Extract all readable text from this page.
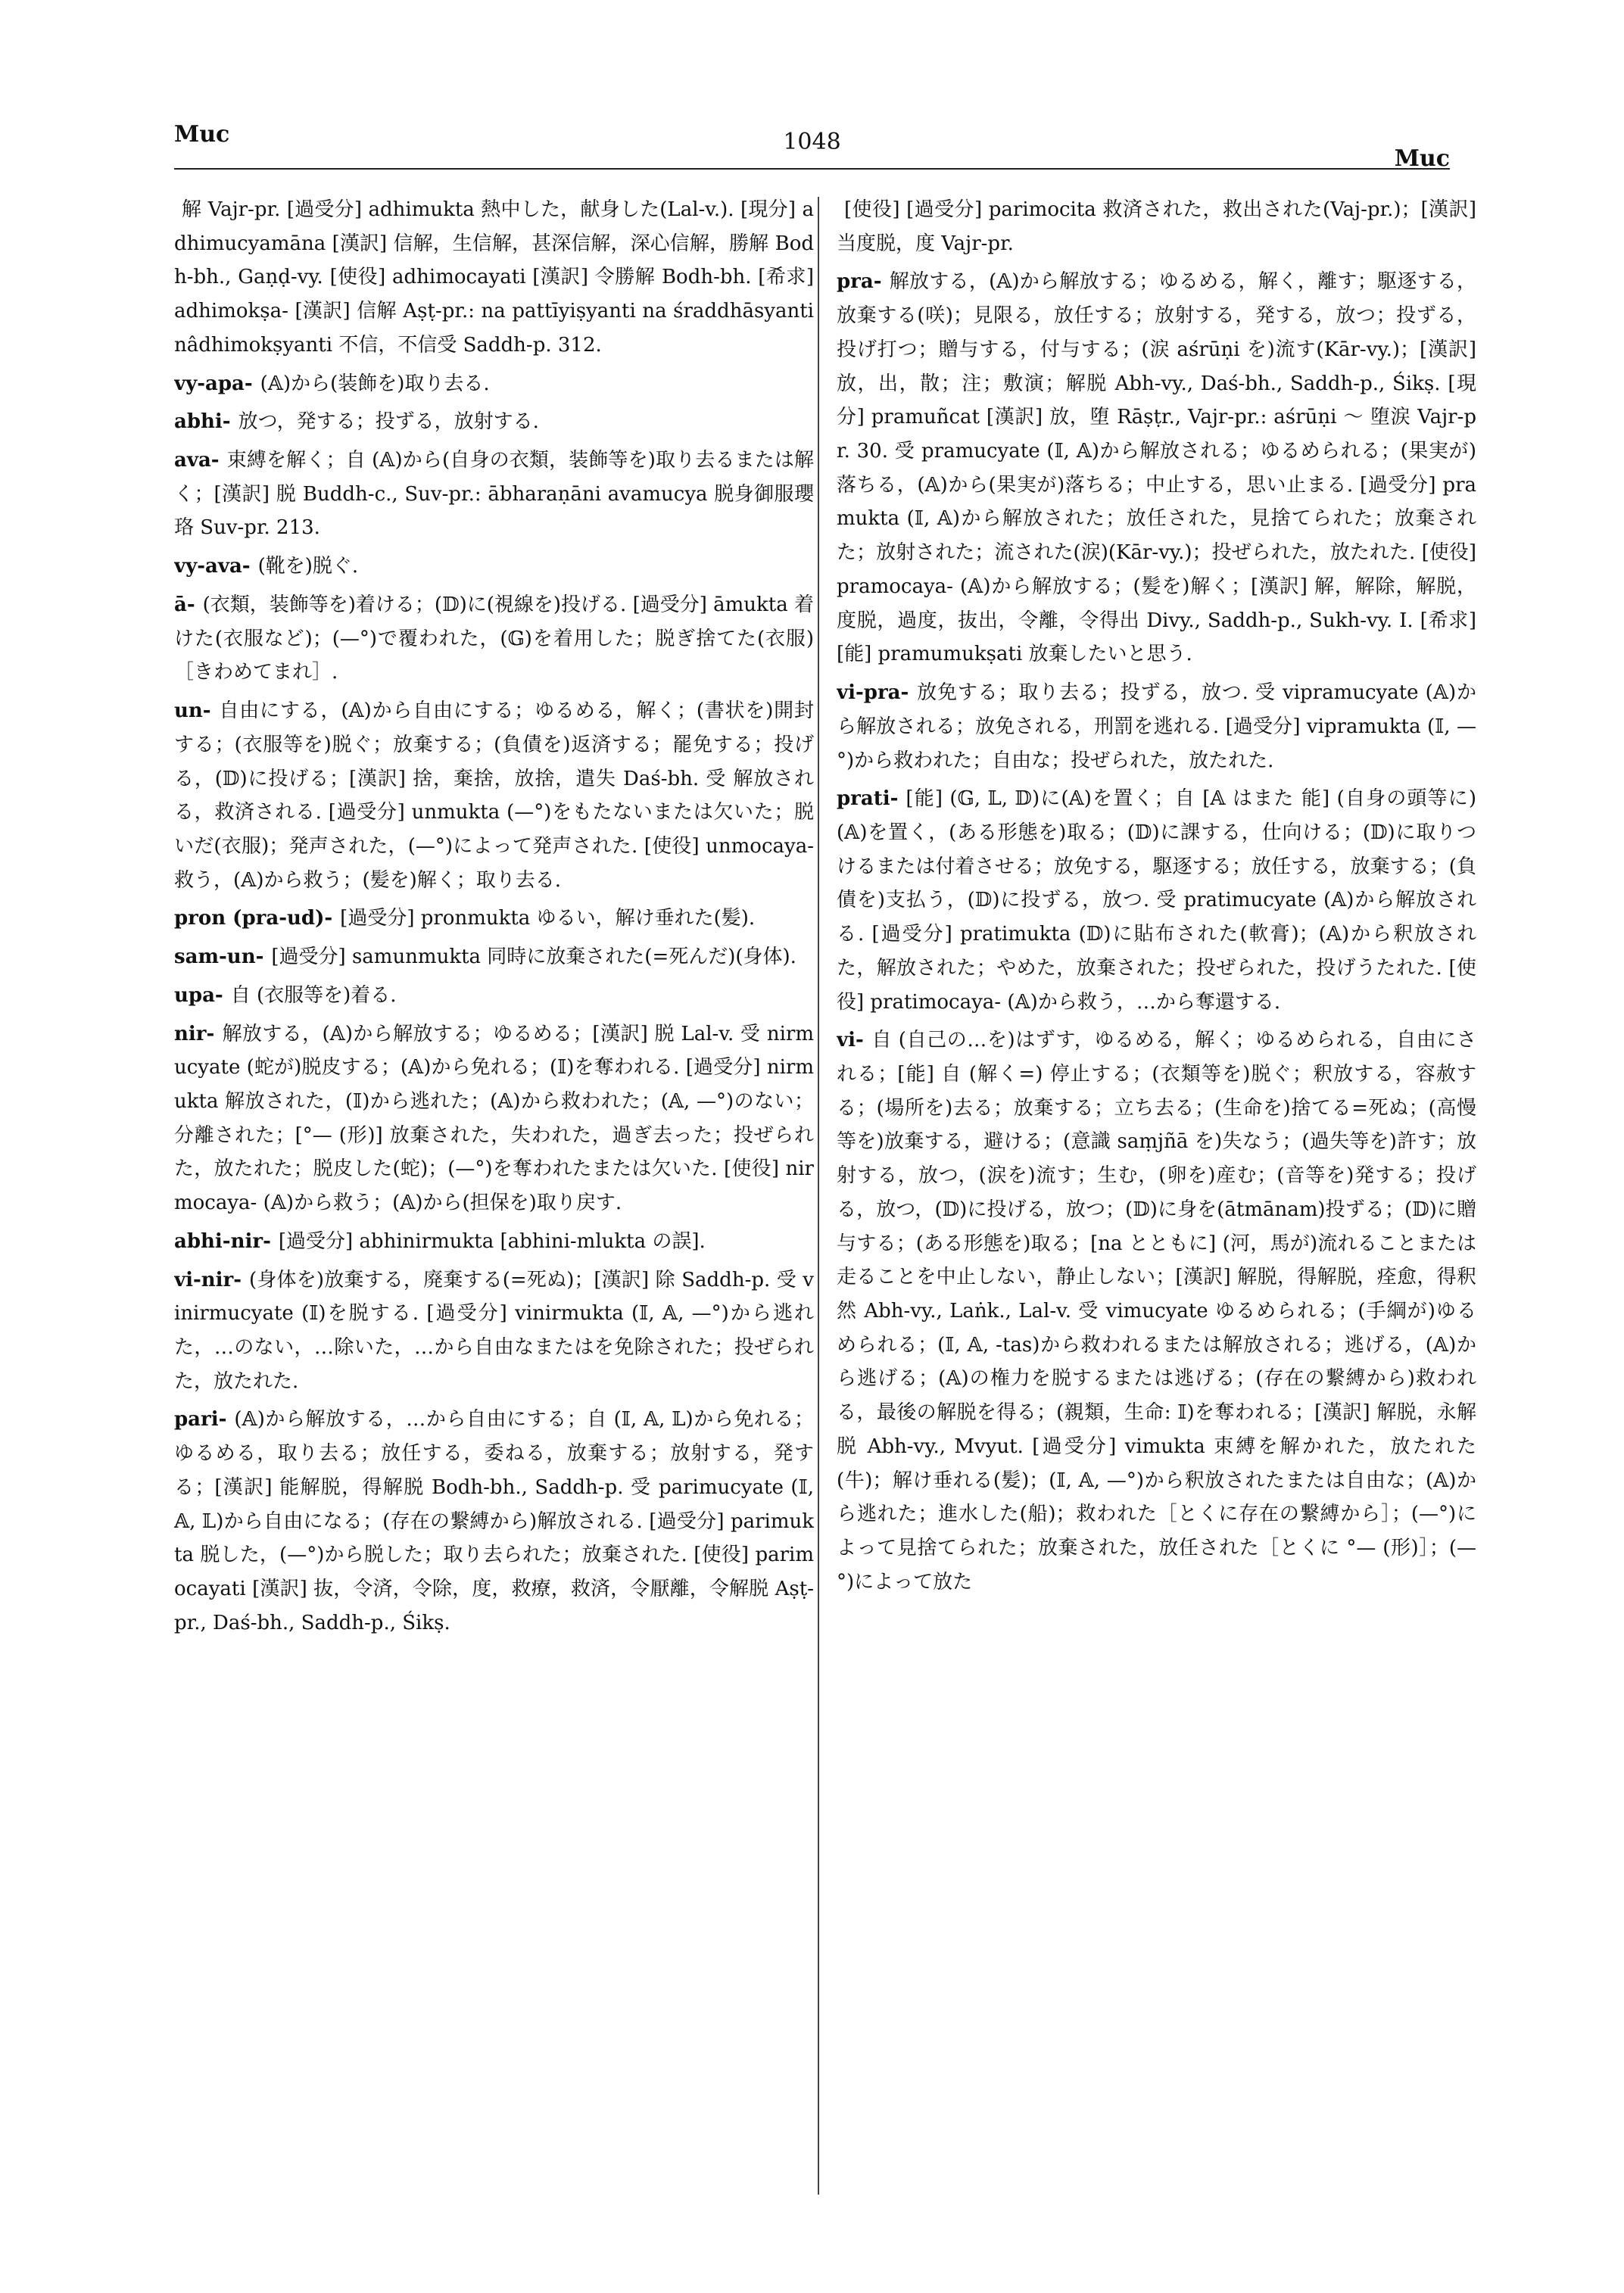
Muc	1048
Muc

解 Vajr-pr. [過受分] adhimukta 熱中した，献身した(Lal-v.). [現分] adhimucyamāna [漢訳] 信解，生信解，甚深信解，深心信解，勝解 Bodh-bh., Gaṇḍ-vy. [使役] adhimocayati [漢訳] 令勝解 Bodh-bh. [希求] adhimokṣa- [漢訳] 信解 Aṣṭ-pr.: na pattīyiṣyanti na śraddhāsyanti nâdhimokṣyanti 不信，不信受 Saddh-p. 312.

vy-apa- (𝔸)から(装飾を)取り去る.

abhi- 放つ，発する；投ずる，放射する.

ava- 束縛を解く；自 (𝔸)から(自身の衣類，装飾等を)取り去るまたは解く；[漢訳] 脱 Buddh-c., Suv-pr.: ābharaṇāni avamucya 脱身御服瓔珞 Suv-pr. 213.

vy-ava- (靴を)脱ぐ.

ā- (衣類，装飾等を)着ける；(𝔻)に(視線を)投げる. [過受分] āmukta 着けた(衣服など)；(—°)で覆われた，(𝔾)を着用した；脱ぎ捨てた(衣服)［きわめてまれ］.

un- 自由にする，(𝔸)から自由にする；ゆるめる，解く；(書状を)開封する；(衣服等を)脱ぐ；放棄する；(負債を)返済する；罷免する；投げる，(𝔻)に投げる；[漢訳] 捨，棄捨，放捨，遣失 Daś-bh. 受 解放される，救済される. [過受分] unmukta (—°)をもたないまたは欠いた；脱いだ(衣服)；発声された，(—°)によって発声された. [使役] unmocaya- 救う，(𝔸)から救う；(髪を)解く；取り去る.

pron (pra-ud)- [過受分] pronmukta ゆるい，解け垂れた(髪).

sam-un- [過受分] samunmukta 同時に放棄された(=死んだ)(身体).

upa- 自 (衣服等を)着る.

nir- 解放する，(𝔸)から解放する；ゆるめる；[漢訳] 脱 Lal-v. 受 nirmucyate (蛇が)脱皮する；(𝔸)から免れる；(𝕀)を奪われる. [過受分] nirmukta 解放された，(𝕀)から逃れた；(𝔸)から救われた；(𝔸, —°)のない；分離された；[°— (形)] 放棄された，失われた，過ぎ去った；投ぜられた，放たれた；脱皮した(蛇)；(—°)を奪われたまたは欠いた. [使役] nirmocaya- (𝔸)から救う；(𝔸)から(担保を)取り戻す.

abhi-nir- [過受分] abhinirmukta [abhini-mlukta の誤].

vi-nir- (身体を)放棄する，廃棄する(=死ぬ)；[漢訳] 除 Saddh-p. 受 vinirmucyate (𝕀)を脱する. [過受分] vinirmukta (𝕀, 𝔸, —°)から逃れた，…のない，…除いた，…から自由なまたはを免除された；投ぜられた，放たれた.

pari- (𝔸)から解放する，…から自由にする；自 (𝕀, 𝔸, 𝕃)から免れる；ゆるめる，取り去る；放任する，委ねる，放棄する；放射する，発する；[漢訳] 能解脱，得解脱 Bodh-bh., Saddh-p. 受 parimucyate (𝕀, 𝔸, 𝕃)から自由になる；(存在の繋縛から)解放される. [過受分] parimukta 脱した，(—°)から脱した；取り去られた；放棄された. [使役] parimocayati [漢訳] 抜，令済，令除，度，救療，救済，令厭離，令解脱 Aṣṭ-pr., Daś-bh., Saddh-p., Śikṣ.

[使役] [過受分] parimocita 救済された，救出された(Vaj-pr.)；[漢訳] 当度脱，度 Vajr-pr.

pra- 解放する，(𝔸)から解放する；ゆるめる，解く，離す；駆逐する，放棄する(咲)；見限る，放任する；放射する，発する，放つ；投ずる，投げ打つ；贈与する，付与する；(涙 aśrūṇi を)流す(Kār-vy.)；[漢訳] 放，出，散；注；敷演；解脱 Abh-vy., Daś-bh., Saddh-p., Śikṣ. [現分] pramuñcat [漢訳] 放，堕 Rāṣṭr., Vajr-pr.: aśrūṇi ～ 堕涙 Vajr-pr. 30. 受 pramucyate (𝕀, 𝔸)から解放される；ゆるめられる；(果実が)落ちる，(𝔸)から(果実が)落ちる；中止する，思い止まる. [過受分] pramukta (𝕀, 𝔸)から解放された；放任された，見捨てられた；放棄された；放射された；流された(涙)(Kār-vy.)；投ぜられた，放たれた. [使役] pramocaya- (𝔸)から解放する；(髪を)解く；[漢訳] 解，解除，解脱，度脱，過度，抜出，令離，令得出 Divy., Saddh-p., Sukh-vy. I. [希求] [能] pramumukṣati 放棄したいと思う.

vi-pra- 放免する；取り去る；投ずる，放つ. 受 vipramucyate (𝔸)から解放される；放免される，刑罰を逃れる. [過受分] vipramukta (𝕀, —°)から救われた；自由な；投ぜられた，放たれた.

prati- [能] (𝔾, 𝕃, 𝔻)に(𝔸)を置く；自 [𝔸 はまた 能] (自身の頭等に)(𝔸)を置く，(ある形態を)取る；(𝔻)に課する，仕向ける；(𝔻)に取りつけるまたは付着させる；放免する，駆逐する；放任する，放棄する；(負債を)支払う，(𝔻)に投ずる，放つ. 受 pratimucyate (𝔸)から解放される. [過受分] pratimukta (𝔻)に貼布された(軟膏)；(𝔸)から釈放された，解放された；やめた，放棄された；投ぜられた，投げうたれた. [使役] pratimocaya- (𝔸)から救う，…から奪還する.

vi- 自 (自己の…を)はずす，ゆるめる，解く；ゆるめられる，自由にされる；[能] 自 (解く=) 停止する；(衣類等を)脱ぐ；釈放する，容赦する；(場所を)去る；放棄する；立ち去る；(生命を)捨てる=死ぬ；(高慢等を)放棄する，避ける；(意識 saṃjñā を)失なう；(過失等を)許す；放射する，放つ，(涙を)流す；生む，(卵を)産む；(音等を)発する；投げる，放つ，(𝔻)に投げる，放つ；(𝔻)に身を(ātmānam)投ずる；(𝔻)に贈与する；(ある形態を)取る；[na とともに] (河，馬が)流れることまたは走ることを中止しない，静止しない；[漢訳] 解脱，得解脱，痊愈，得釈然 Abh-vy., Laṅk., Lal-v. 受 vimucyate ゆるめられる；(手綱が)ゆるめられる；(𝕀, 𝔸, -tas)から救われるまたは解放される；逃げる，(𝔸)から逃げる；(𝔸)の権力を脱するまたは逃げる；(存在の繋縛から)救われる，最後の解脱を得る；(親類，生命: 𝕀)を奪われる；[漢訳] 解脱，永解脱 Abh-vy., Mvyut. [過受分] vimukta 束縛を解かれた，放たれた(牛)；解け垂れる(髪)；(𝕀, 𝔸, —°)から釈放されたまたは自由な；(𝔸)から逃れた；進水した(船)；救われた［とくに存在の繋縛から］；(—°)によって見捨てられた；放棄された，放任された［とくに °— (形)］；(—°)によって放た
